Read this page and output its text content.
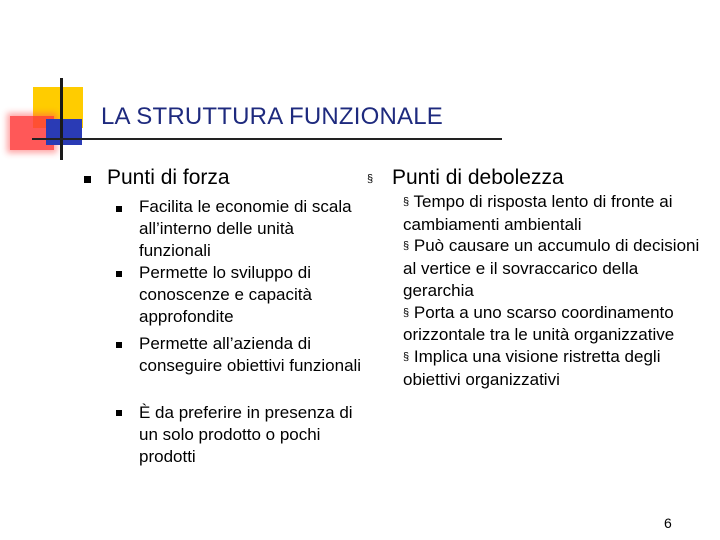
LA STRUTTURA FUNZIONALE
Punti di forza
Facilita le economie di scala all’interno delle unità funzionali
Permette lo sviluppo di conoscenze e capacità approfondite
Permette all’azienda di conseguire obiettivi funzionali
È da preferire in presenza di un solo prodotto o pochi prodotti
§ Punti di debolezza
§ Tempo di risposta lento di fronte ai cambiamenti ambientali
§ Può causare un accumulo di decisioni al vertice e il sovraccarico della gerarchia
§ Porta a uno scarso coordinamento orizzontale tra le unità organizzative
§ Implica una visione ristretta degli obiettivi organizzativi
6
